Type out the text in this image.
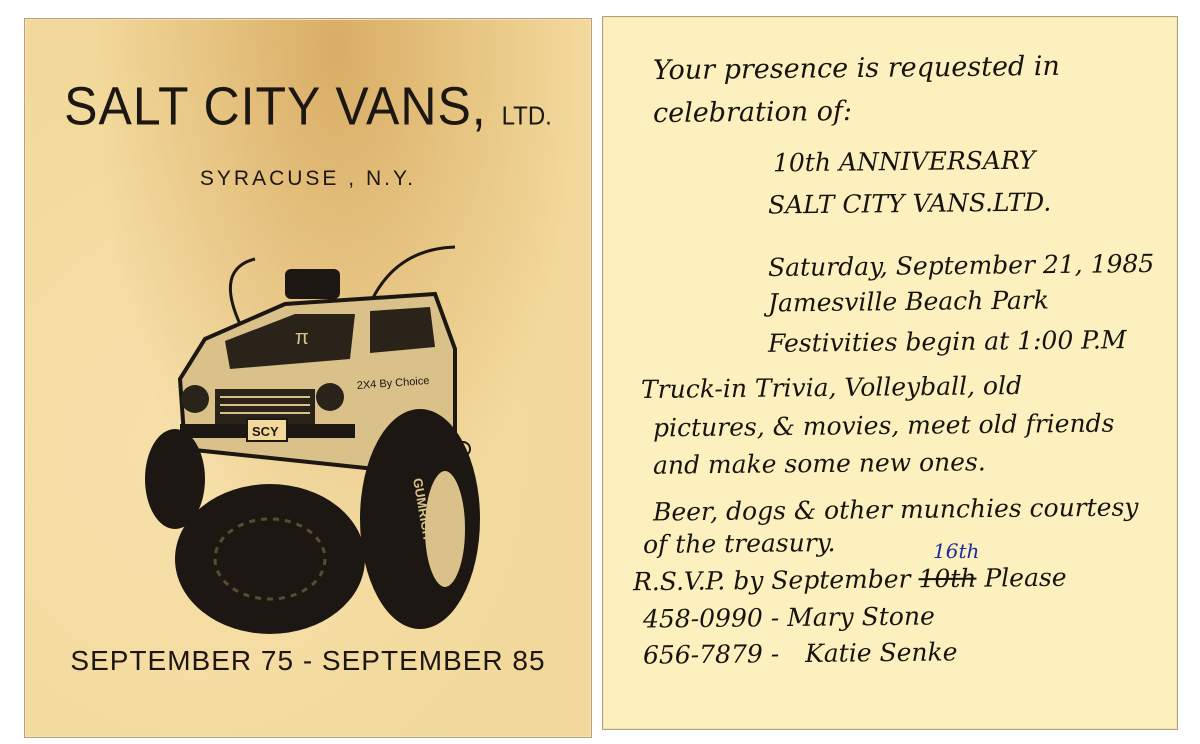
SALT CITY VANS, LTD.
SYRACUSE , N.Y.
π
2X4 By Choice
SCY
GUMRICH
SEPTEMBER 75 - SEPTEMBER 85
Your presence is requested in
celebration of:
10th ANNIVERSARY
SALT CITY VANS.LTD.
Saturday, September 21, 1985
Jamesville Beach Park
Festivities begin at 1:00 P.M
Truck-in Trivia, Volleyball, old
pictures, & movies, meet old friends
and make some new ones.
Beer, dogs & other munchies courtesy
of the treasury.
R.S.V.P. by September 10th Please
16th
458-0990 - Mary Stone
656-7879 - Katie Senke
